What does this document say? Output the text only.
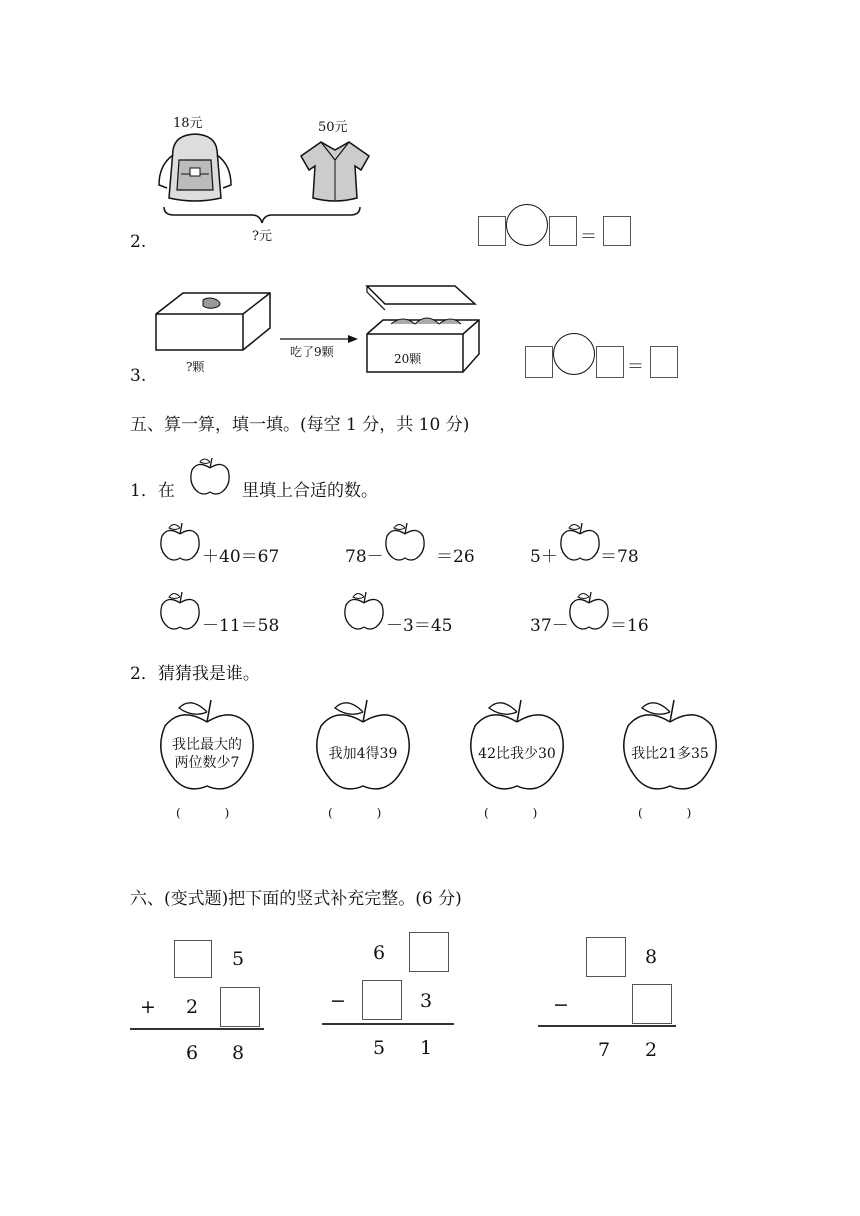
18元	50元
?元
2.	＝
?颗
吃了9颗	20颗
3.	＝
五、算一算，填一填。(每空 1 分，共 10 分)
1．在	里填上合适的数。
＋40＝67	78－	＝26	5＋ ＝78
－11＝58	－3＝45	37－ ＝16
2．猜猜我是谁。
我比最大的
两位数少7
(　　　)
我加4得39
(　　　)
42比我少30
(　　　)
我比21多35
(　　　)
六、(变式题)把下面的竖式补充完整。(6 分)
5
+ 2
6 8
6
−	3
5 1
8
−
7 2
